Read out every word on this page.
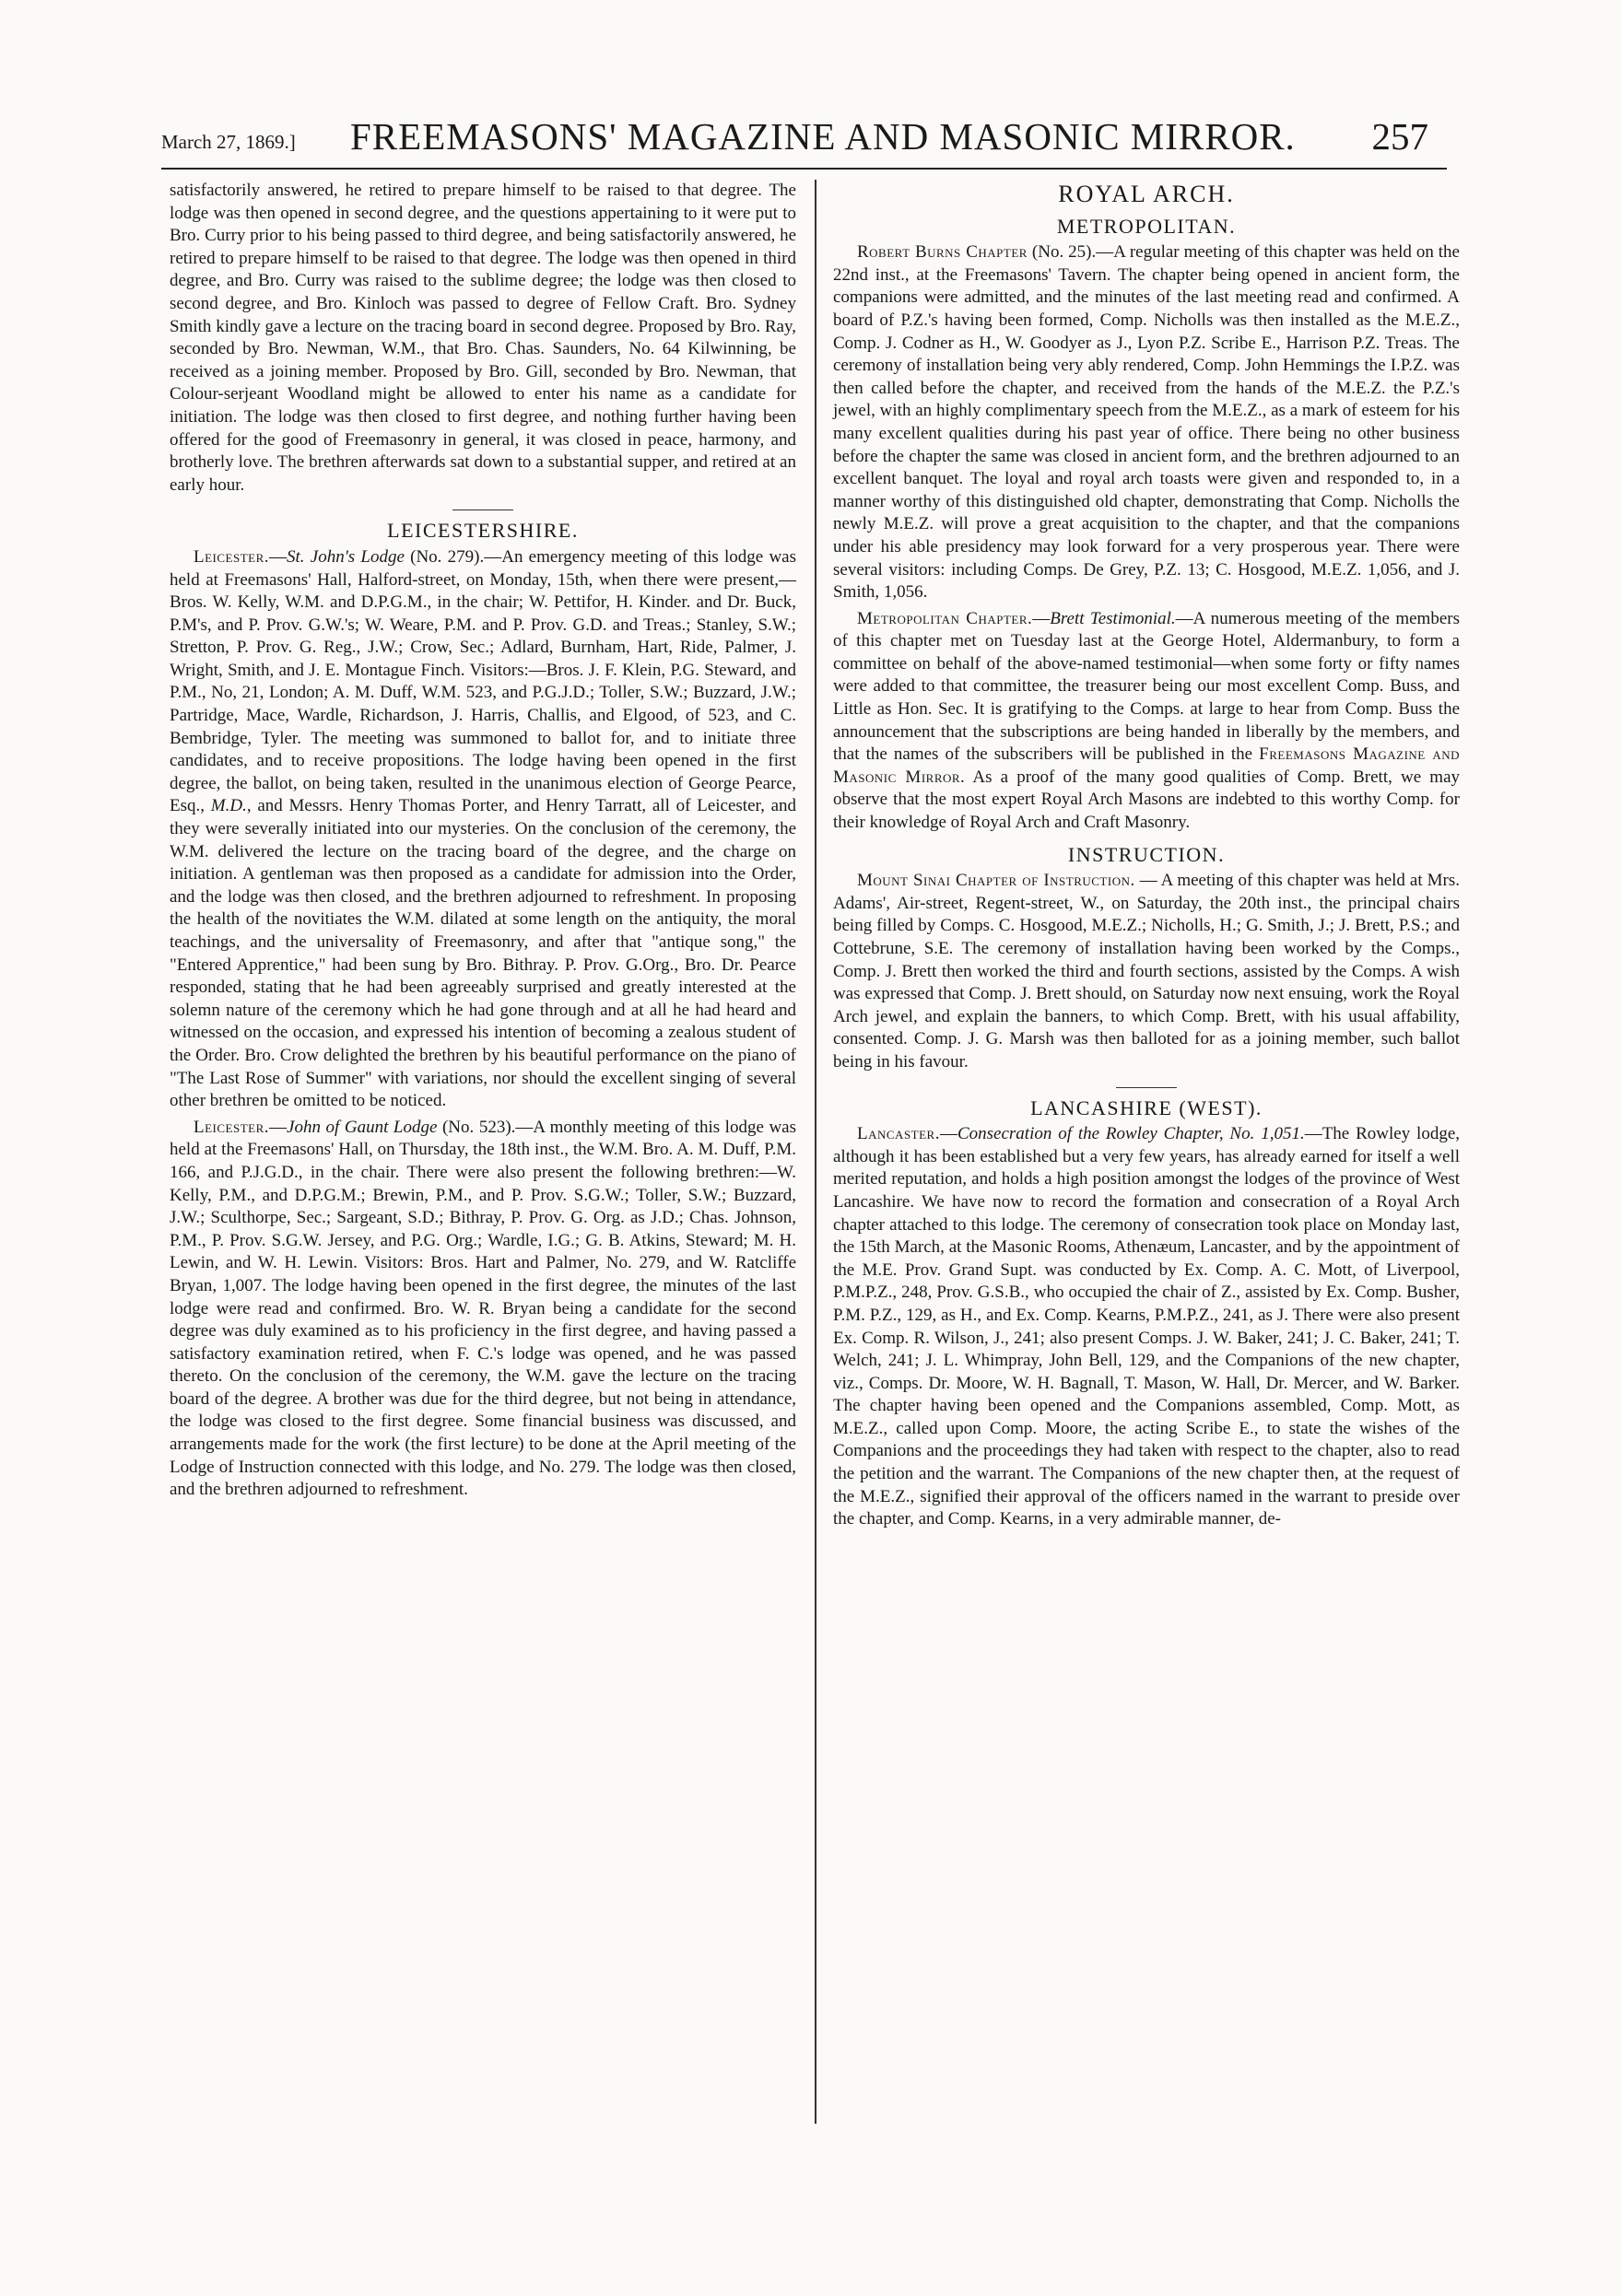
March 27, 1869.] FREEMASONS' MAGAZINE AND MASONIC MIRROR. 257

satisfactorily answered, he retired to prepare himself to be raised to that degree. The lodge was then opened in second degree, and the questions appertaining to it were put to Bro. Curry prior to his being passed to third degree, and being satisfactorily answered, he retired to prepare himself to be raised to that degree. The lodge was then opened in third degree, and Bro. Curry was raised to the sublime degree; the lodge was then closed to second degree, and Bro. Kinloch was passed to degree of Fellow Craft. Bro. Sydney Smith kindly gave a lecture on the tracing board in second degree. Proposed by Bro. Ray, seconded by Bro. Newman, W.M., that Bro. Chas. Saunders, No. 64 Kilwinning, be received as a joining member. Proposed by Bro. Gill, seconded by Bro. Newman, that Colour-serjeant Woodland might be allowed to enter his name as a candidate for initiation. The lodge was then closed to first degree, and nothing further having been offered for the good of Freemasonry in general, it was closed in peace, harmony, and brotherly love. The brethren afterwards sat down to a substantial supper, and retired at an early hour.

LEICESTERSHIRE.

Leicester.—St. John's Lodge (No. 279).—An emergency meeting of this lodge was held at Freemasons' Hall, Halford-street, on Monday, 15th, when there were present,—Bros. W. Kelly, W.M. and D.P.G.M., in the chair; W. Pettifor, H. Kinder. and Dr. Buck, P.M's, and P. Prov. G.W.'s; W. Weare, P.M. and P. Prov. G.D. and Treas.; Stanley, S.W.; Stretton, P. Prov. G. Reg., J.W.; Crow, Sec.; Adlard, Burnham, Hart, Ride, Palmer, J. Wright, Smith, and J. E. Montague Finch. Visitors:—Bros. J. F. Klein, P.G. Steward, and P.M., No, 21, London; A. M. Duff, W.M. 523, and P.G.J.D.; Toller, S.W.; Buzzard, J.W.; Partridge, Mace, Wardle, Richardson, J. Harris, Challis, and Elgood, of 523, and C. Bembridge, Tyler. The meeting was summoned to ballot for, and to initiate three candidates, and to receive propositions. The lodge having been opened in the first degree, the ballot, on being taken, resulted in the unanimous election of George Pearce, Esq., M.D., and Messrs. Henry Thomas Porter, and Henry Tarratt, all of Leicester, and they were severally initiated into our mysteries. On the conclusion of the ceremony, the W.M. delivered the lecture on the tracing board of the degree, and the charge on initiation. A gentleman was then proposed as a candidate for admission into the Order, and the lodge was then closed, and the brethren adjourned to refreshment. In proposing the health of the novitiates the W.M. dilated at some length on the antiquity, the moral teachings, and the universality of Freemasonry, and after that "antique song," the "Entered Apprentice," had been sung by Bro. Bithray. P. Prov. G.Org., Bro. Dr. Pearce responded, stating that he had been agreeably surprised and greatly interested at the solemn nature of the ceremony which he had gone through and at all he had heard and witnessed on the occasion, and expressed his intention of becoming a zealous student of the Order. Bro. Crow delighted the brethren by his beautiful performance on the piano of "The Last Rose of Summer" with variations, nor should the excellent singing of several other brethren be omitted to be noticed.

Leicester.—John of Gaunt Lodge (No. 523).—A monthly meeting of this lodge was held at the Freemasons' Hall, on Thursday, the 18th inst., the W.M. Bro. A. M. Duff, P.M. 166, and P.J.G.D., in the chair. There were also present the following brethren:—W. Kelly, P.M., and D.P.G.M.; Brewin, P.M., and P. Prov. S.G.W.; Toller, S.W.; Buzzard, J.W.; Sculthorpe, Sec.; Sargeant, S.D.; Bithray, P. Prov. G. Org. as J.D.; Chas. Johnson, P.M., P. Prov. S.G.W. Jersey, and P.G. Org.; Wardle, I.G.; G. B. Atkins, Steward; M. H. Lewin, and W. H. Lewin. Visitors: Bros. Hart and Palmer, No. 279, and W. Ratcliffe Bryan, 1,007. The lodge having been opened in the first degree, the minutes of the last lodge were read and confirmed. Bro. W. R. Bryan being a candidate for the second degree was duly examined as to his proficiency in the first degree, and having passed a satisfactory examination retired, when F. C.'s lodge was opened, and he was passed thereto. On the conclusion of the ceremony, the W.M. gave the lecture on the tracing board of the degree. A brother was due for the third degree, but not being in attendance, the lodge was closed to the first degree. Some financial business was discussed, and arrangements made for the work (the first lecture) to be done at the April meeting of the Lodge of Instruction connected with this lodge, and No. 279. The lodge was then closed, and the brethren adjourned to refreshment.

ROYAL ARCH.
METROPOLITAN.

Robert Burns Chapter (No. 25).—A regular meeting of this chapter was held on the 22nd inst., at the Freemasons' Tavern. The chapter being opened in ancient form, the companions were admitted, and the minutes of the last meeting read and confirmed. A board of P.Z.'s having been formed, Comp. Nicholls was then installed as the M.E.Z., Comp. J. Codner as H., W. Goodyer as J., Lyon P.Z. Scribe E., Harrison P.Z. Treas. The ceremony of installation being very ably rendered, Comp. John Hemmings the I.P.Z. was then called before the chapter, and received from the hands of the M.E.Z. the P.Z.'s jewel, with an highly complimentary speech from the M.E.Z., as a mark of esteem for his many excellent qualities during his past year of office. There being no other business before the chapter the same was closed in ancient form, and the brethren adjourned to an excellent banquet. The loyal and royal arch toasts were given and responded to, in a manner worthy of this distinguished old chapter, demonstrating that Comp. Nicholls the newly M.E.Z. will prove a great acquisition to the chapter, and that the companions under his able presidency may look forward for a very prosperous year. There were several visitors: including Comps. De Grey, P.Z. 13; C. Hosgood, M.E.Z. 1,056, and J. Smith, 1,056.

Metropolitan Chapter.—Brett Testimonial.—A numerous meeting of the members of this chapter met on Tuesday last at the George Hotel, Aldermanbury, to form a committee on behalf of the above-named testimonial—when some forty or fifty names were added to that committee, the treasurer being our most excellent Comp. Buss, and Little as Hon. Sec. It is gratifying to the Comps. at large to hear from Comp. Buss the announcement that the subscriptions are being handed in liberally by the members, and that the names of the subscribers will be published in the Freemasons Magazine and Masonic Mirror. As a proof of the many good qualities of Comp. Brett, we may observe that the most expert Royal Arch Masons are indebted to this worthy Comp. for their knowledge of Royal Arch and Craft Masonry.

INSTRUCTION.

Mount Sinai Chapter of Instruction. — A meeting of this chapter was held at Mrs. Adams', Air-street, Regent-street, W., on Saturday, the 20th inst., the principal chairs being filled by Comps. C. Hosgood, M.E.Z.; Nicholls, H.; G. Smith, J.; J. Brett, P.S.; and Cottebrune, S.E. The ceremony of installation having been worked by the Comps., Comp. J. Brett then worked the third and fourth sections, assisted by the Comps. A wish was expressed that Comp. J. Brett should, on Saturday now next ensuing, work the Royal Arch jewel, and explain the banners, to which Comp. Brett, with his usual affability, consented. Comp. J. G. Marsh was then balloted for as a joining member, such ballot being in his favour.

LANCASHIRE (WEST).

Lancaster.—Consecration of the Rowley Chapter, No. 1,051.—The Rowley lodge, although it has been established but a very few years, has already earned for itself a well merited reputation, and holds a high position amongst the lodges of the province of West Lancashire. We have now to record the formation and consecration of a Royal Arch chapter attached to this lodge. The ceremony of consecration took place on Monday last, the 15th March, at the Masonic Rooms, Athenæum, Lancaster, and by the appointment of the M.E. Prov. Grand Supt. was conducted by Ex. Comp. A. C. Mott, of Liverpool, P.M.P.Z., 248, Prov. G.S.B., who occupied the chair of Z., assisted by Ex. Comp. Busher, P.M. P.Z., 129, as H., and Ex. Comp. Kearns, P.M.P.Z., 241, as J. There were also present Ex. Comp. R. Wilson, J., 241; also present Comps. J. W. Baker, 241; J. C. Baker, 241; T. Welch, 241; J. L. Whimpray, John Bell, 129, and the Companions of the new chapter, viz., Comps. Dr. Moore, W. H. Bagnall, T. Mason, W. Hall, Dr. Mercer, and W. Barker. The chapter having been opened and the Companions assembled, Comp. Mott, as M.E.Z., called upon Comp. Moore, the acting Scribe E., to state the wishes of the Companions and the proceedings they had taken with respect to the chapter, also to read the petition and the warrant. The Companions of the new chapter then, at the request of the M.E.Z., signified their approval of the officers named in the warrant to preside over the chapter, and Comp. Kearns, in a very admirable manner, de-
